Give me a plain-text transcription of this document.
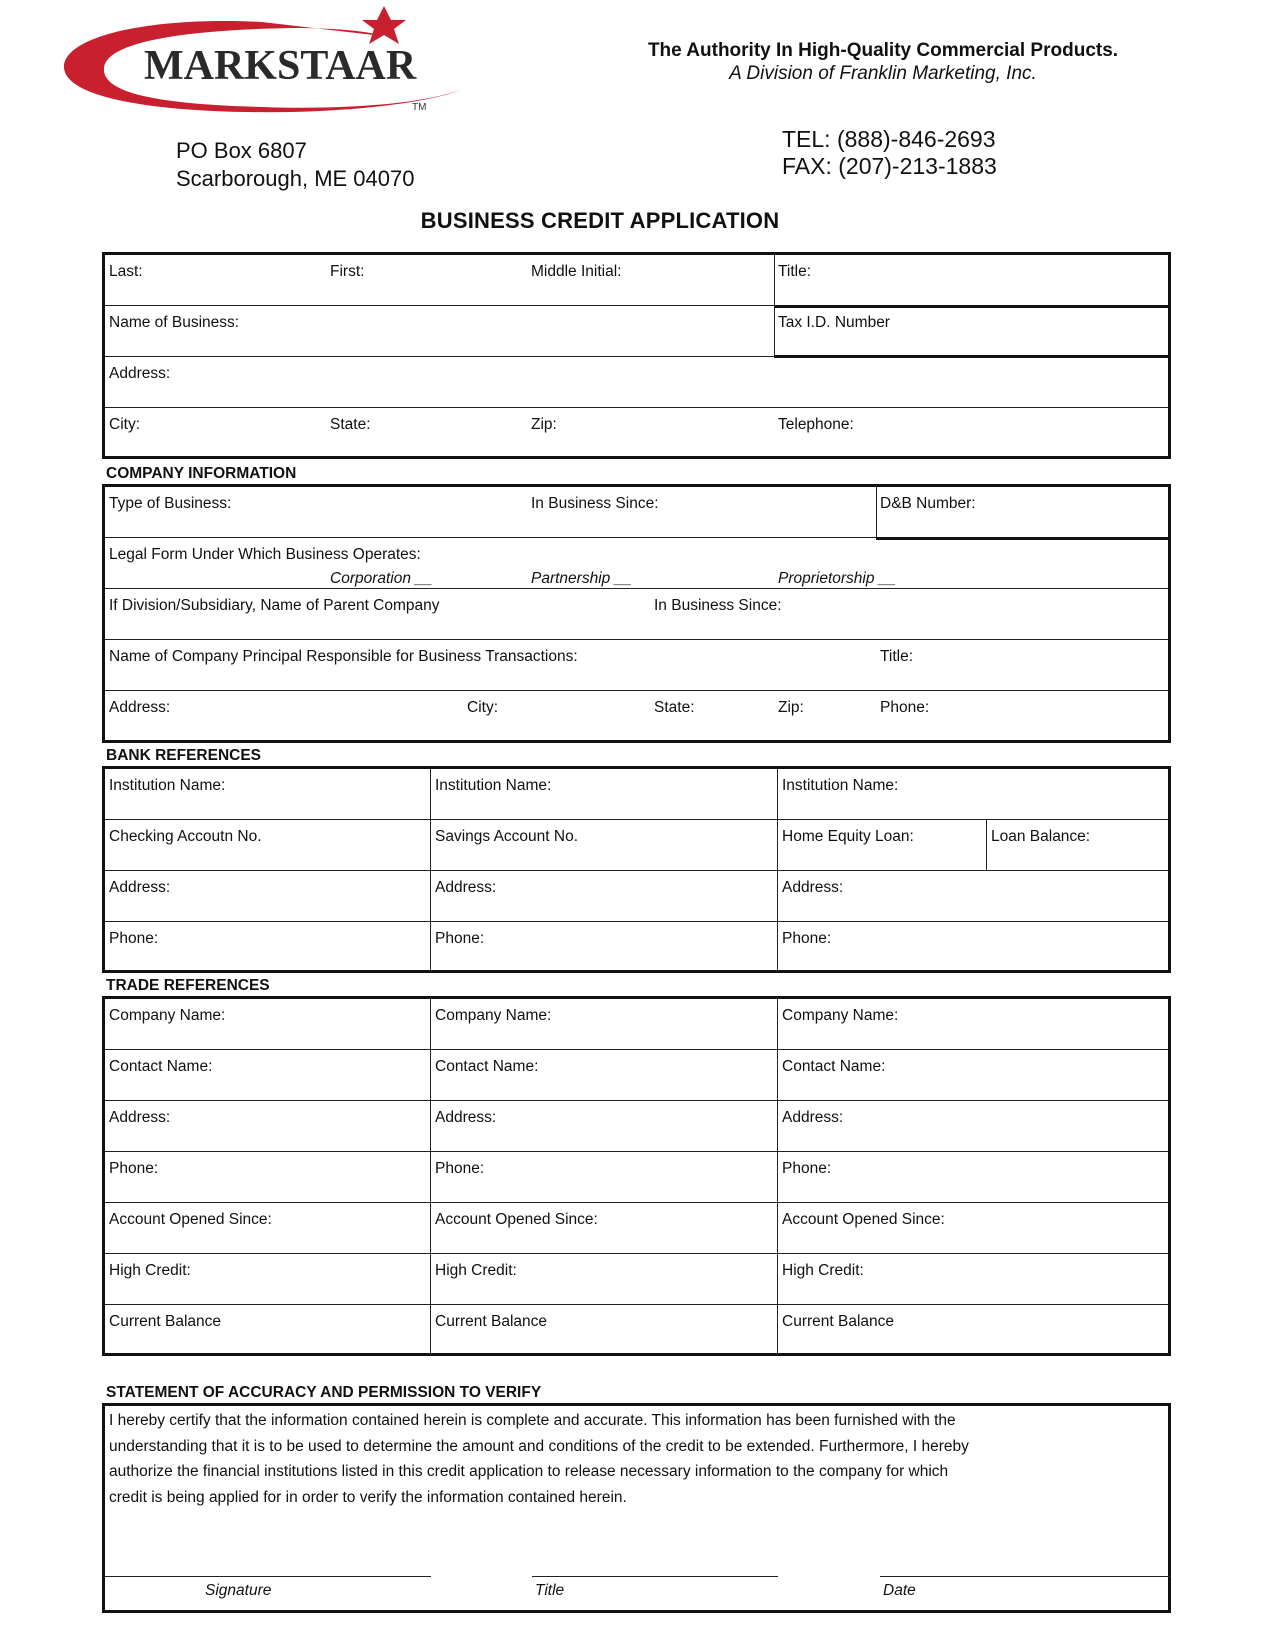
MARKSTAAR
TM
The Authority In High-Quality Commercial Products.
A Division of Franklin Marketing, Inc.
PO Box 6807
Scarborough, ME 04070
TEL: (888)-846-2693
FAX: (207)-213-1883
BUSINESS CREDIT APPLICATION
Last:	First:	Middle Initial:	Title:
Name of Business:	Tax I.D. Number
Address:
City:	State:	Zip:	Telephone:
COMPANY INFORMATION
Type of Business:	In Business Since:	D&B Number:
Legal Form Under Which Business Operates:
Corporation __	Partnership __	Proprietorship __
If Division/Subsidiary, Name of Parent Company	In Business Since:
Name of Company Principal Responsible for Business Transactions:	Title:
Address:	City:	State:	Zip:	Phone:
BANK REFERENCES
Institution Name:	Institution Name:	Institution Name:
Checking Accoutn No.	Savings Account No.	Home Equity Loan:	Loan Balance:
Address:	Address:	Address:
Phone:	Phone:	Phone:
TRADE REFERENCES
Company Name:	Company Name:	Company Name:
Contact Name:	Contact Name:	Contact Name:
Address:	Address:	Address:
Phone:	Phone:	Phone:
Account Opened Since:	Account Opened Since:	Account Opened Since:
High Credit:	High Credit:	High Credit:
Current Balance	Current Balance	Current Balance
STATEMENT OF ACCURACY AND PERMISSION TO VERIFY
I hereby certify that the information contained herein is complete and accurate. This information has been furnished with the
understanding that it is to be used to determine the amount and conditions of the credit to be extended. Furthermore, I hereby
authorize the financial institutions listed in this credit application to release necessary information to the company for which
credit is being applied for in order to verify the information contained herein.
Signature	Title	Date
